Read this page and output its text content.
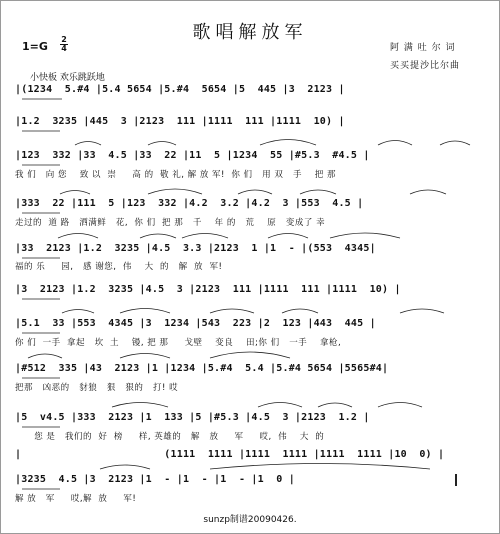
歌唱解放军
1=G
2
4	阿 满 吐 尔 词
买买提沙比尔曲
小快板 欢乐跳跃地
|(1234  5.#4 |5.4 5654 |5.#4  5654 |5  445 |3  2123 |
|1.2  3235 |445  3 |2123  111 |1111  111 |1111  10) |
|123  332 |33  4.5 |33  22 |11  5 |1234  55 |#5.3  #4.5 |
|333  22 |111  5 |123  332 |4.2  3.2 |4.2  3 |553  4.5 |
|33  2123 |1.2  3235 |4.5  3.3 |2123  1 |1  - |(553  4345|
|3  2123 |1.2  3235 |4.5  3 |2123  111 |1111  111 |1111  10) |
|5.1  33 |553  4345 |3  1234 |543  223 |2  123 |443  445 |
|#512  335 |43  2123 |1 |1234 |5.#4  5.4 |5.#4 5654 |5565#4|
|5  v4.5 |333  2123 |1  133 |5 |#5.3 |4.5  3 |2123  1.2 |
|                       (1111  1111 |1111  1111 |1111  1111 |10  0) |
|3235  4.5 |3  2123 |1  - |1  - |1  - |1  0 |
我 们   向 您    致 以  崇     高 的  敬 礼, 解 放 军!  你 们   用 双   手    把 那
走过的  道 路   洒满鲜   花,  你 们  把 那   千    年 的   荒    原   变成了 幸
福的 乐     园,   感 谢您,  伟    大  的   解  放  军!
你 们  一手  拿起   坎  土    镘, 把 那     戈壁    变良    田;你 们   一手    拿枪,
把那   凶恶的   豺狼   狠   狠的   打! 哎
您 是   我们的  好  榜     样, 英雄的   解   放     军     哎,  伟    大  的
解 放   军     哎,解  放     军!
sunzp制谱20090426.
